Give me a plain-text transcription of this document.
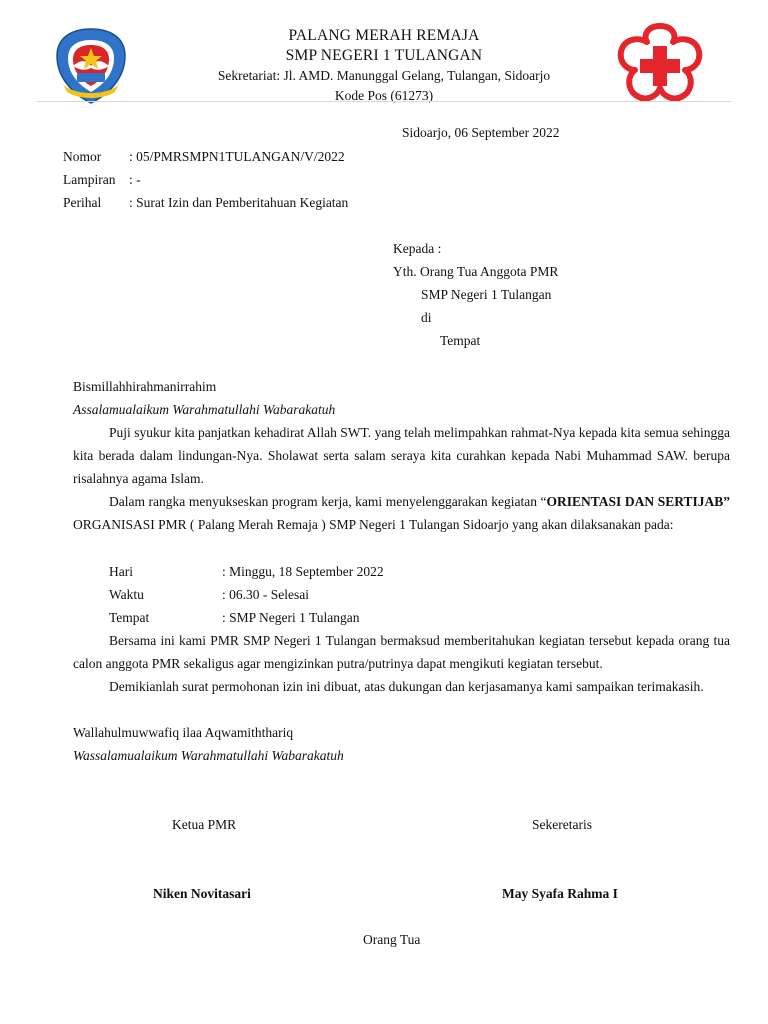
PALANG MERAH REMAJA
SMP NEGERI 1 TULANGAN
Sekretariat: Jl. AMD. Manunggal Gelang, Tulangan, Sidoarjo
Kode Pos (61273)
Sidoarjo, 06 September 2022
Nomor : 05/PMRSMPN1TULANGAN/V/2022
Lampiran : -
Perihal : Surat Izin dan Pemberitahuan Kegiatan
Kepada :
Yth. Orang Tua Anggota PMR
SMP Negeri 1 Tulangan
di
Tempat
Bismillahhirahmanirrahim
Assalamualaikum Warahmatullahi Wabarakatuh
Puji syukur kita panjatkan kehadirat Allah SWT. yang telah melimpahkan rahmat-Nya kepada kita semua sehingga kita berada dalam lindungan-Nya. Sholawat serta salam seraya kita curahkan kepada Nabi Muhammad SAW. berupa risalahnya agama Islam.
Dalam rangka menyukseskan program kerja, kami menyelenggarakan kegiatan “ORIENTASI DAN SERTIJAB” ORGANISASI PMR ( Palang Merah Remaja ) SMP Negeri 1 Tulangan Sidoarjo yang akan dilaksanakan pada:
Hari	: Minggu, 18 September 2022
Waktu	: 06.30 - Selesai
Tempat	: SMP Negeri 1 Tulangan
Bersama ini kami PMR SMP Negeri 1 Tulangan bermaksud memberitahukan kegiatan tersebut kepada orang tua calon anggota PMR sekaligus agar mengizinkan putra/putrinya dapat mengikuti kegiatan tersebut.
Demikianlah surat permohonan izin ini dibuat, atas dukungan dan kerjasamanya kami sampaikan terimakasih.
Wallahulmuwwafiq ilaa Aqwamiththariq
Wassalamualaikum Warahmatullahi Wabarakatuh
Ketua PMR	Sekeretaris
Niken Novitasari	May Syafa Rahma I
Orang Tua
